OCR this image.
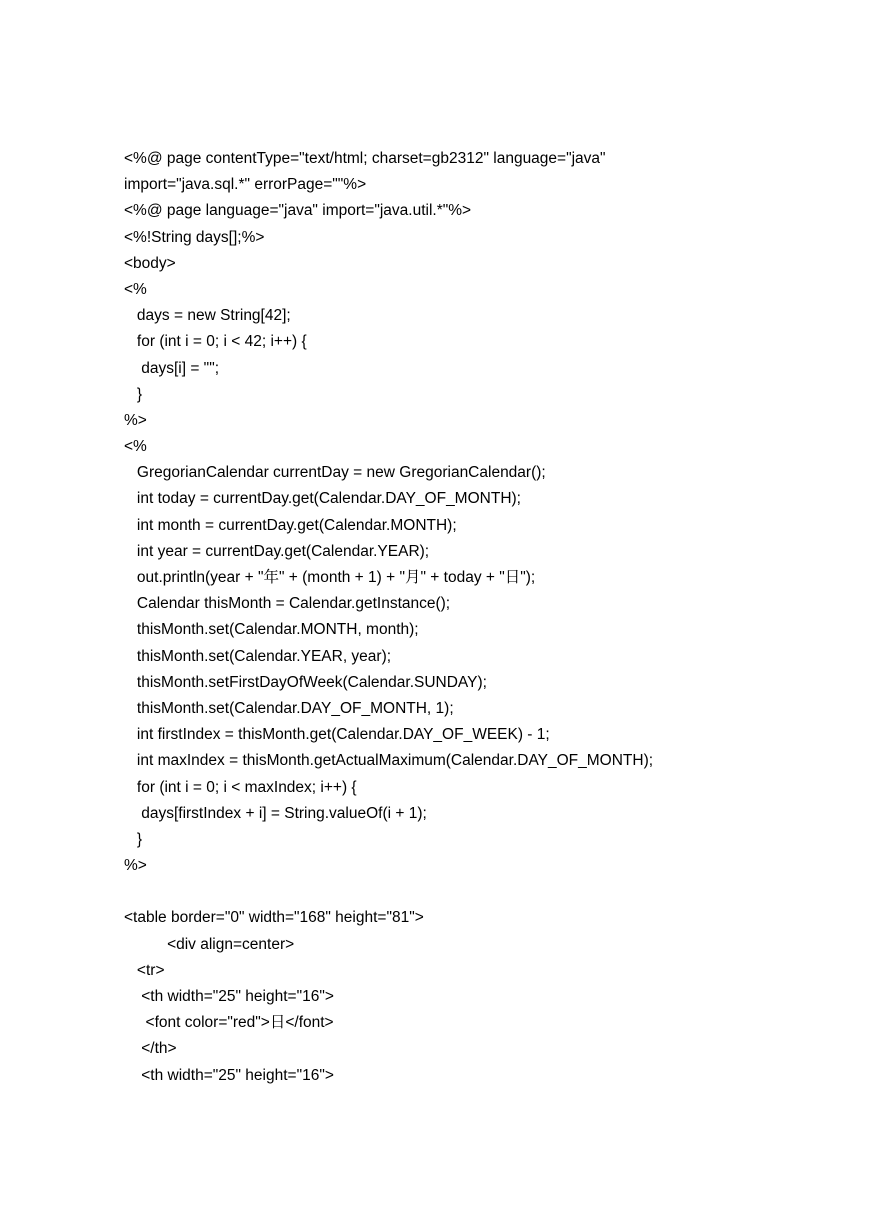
<%@ page contentType="text/html; charset=gb2312" language="java"
import="java.sql.*" errorPage=""%>
<%@ page language="java" import="java.util.*"%>
<%!String days[];%>
<body>
<%
days = new String[42];
for (int i = 0; i < 42; i++) {
days[i] = "";
}
%>
<%
GregorianCalendar currentDay = new GregorianCalendar();
int today = currentDay.get(Calendar.DAY_OF_MONTH);
int month = currentDay.get(Calendar.MONTH);
int year = currentDay.get(Calendar.YEAR);
out.println(year + "年" + (month + 1) + "月" + today + "日");
Calendar thisMonth = Calendar.getInstance();
thisMonth.set(Calendar.MONTH, month);
thisMonth.set(Calendar.YEAR, year);
thisMonth.setFirstDayOfWeek(Calendar.SUNDAY);
thisMonth.set(Calendar.DAY_OF_MONTH, 1);
int firstIndex = thisMonth.get(Calendar.DAY_OF_WEEK) - 1;
int maxIndex = thisMonth.getActualMaximum(Calendar.DAY_OF_MONTH);
for (int i = 0; i < maxIndex; i++) {
days[firstIndex + i] = String.valueOf(i + 1);
}
%>
<table border="0" width="168" height="81">
<div align=center>
<tr>
<th width="25" height="16">
<font color="red">日</font>
</th>
<th width="25" height="16">
